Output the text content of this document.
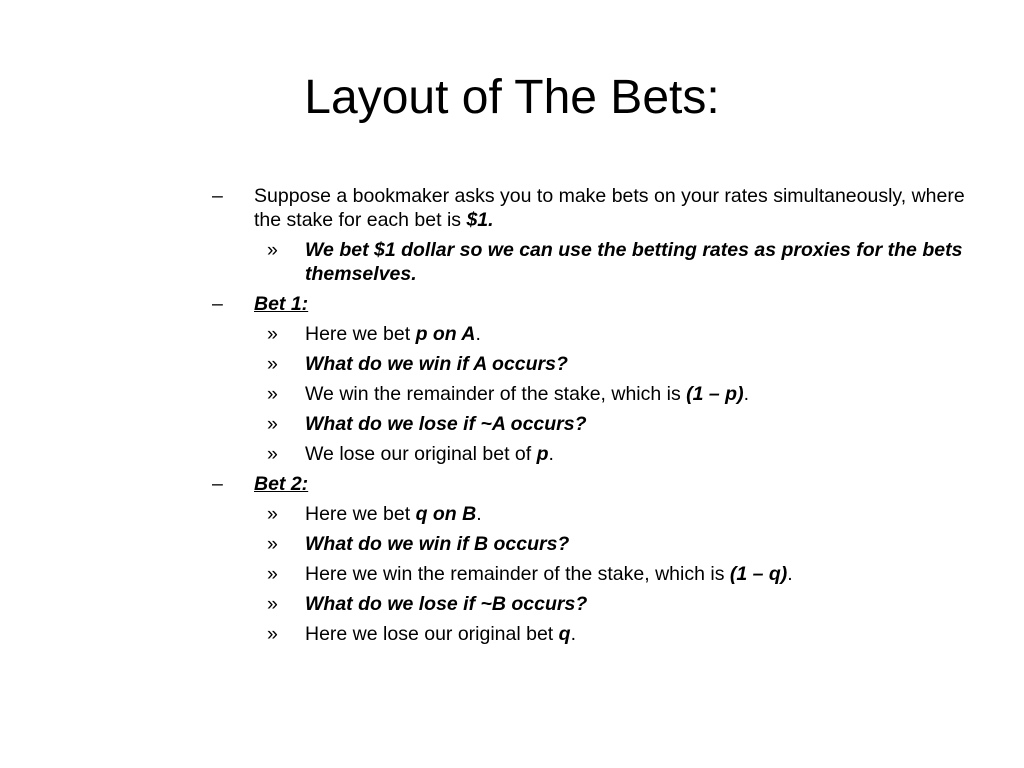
Layout of The Bets:
– Suppose a bookmaker asks you to make bets on your rates simultaneously, where the stake for each bet is $1.
» We bet $1 dollar so we can use the betting rates as proxies for the bets themselves.
– Bet 1:
» Here we bet p on A.
» What do we win if A occurs?
» We win the remainder of the stake, which is (1 – p).
» What do we lose if ~A occurs?
» We lose our original bet of p.
– Bet 2:
» Here we bet q on B.
» What do we win if B occurs?
» Here we win the remainder of the stake, which is (1 – q).
» What do we lose if ~B occurs?
» Here we lose our original bet q.
